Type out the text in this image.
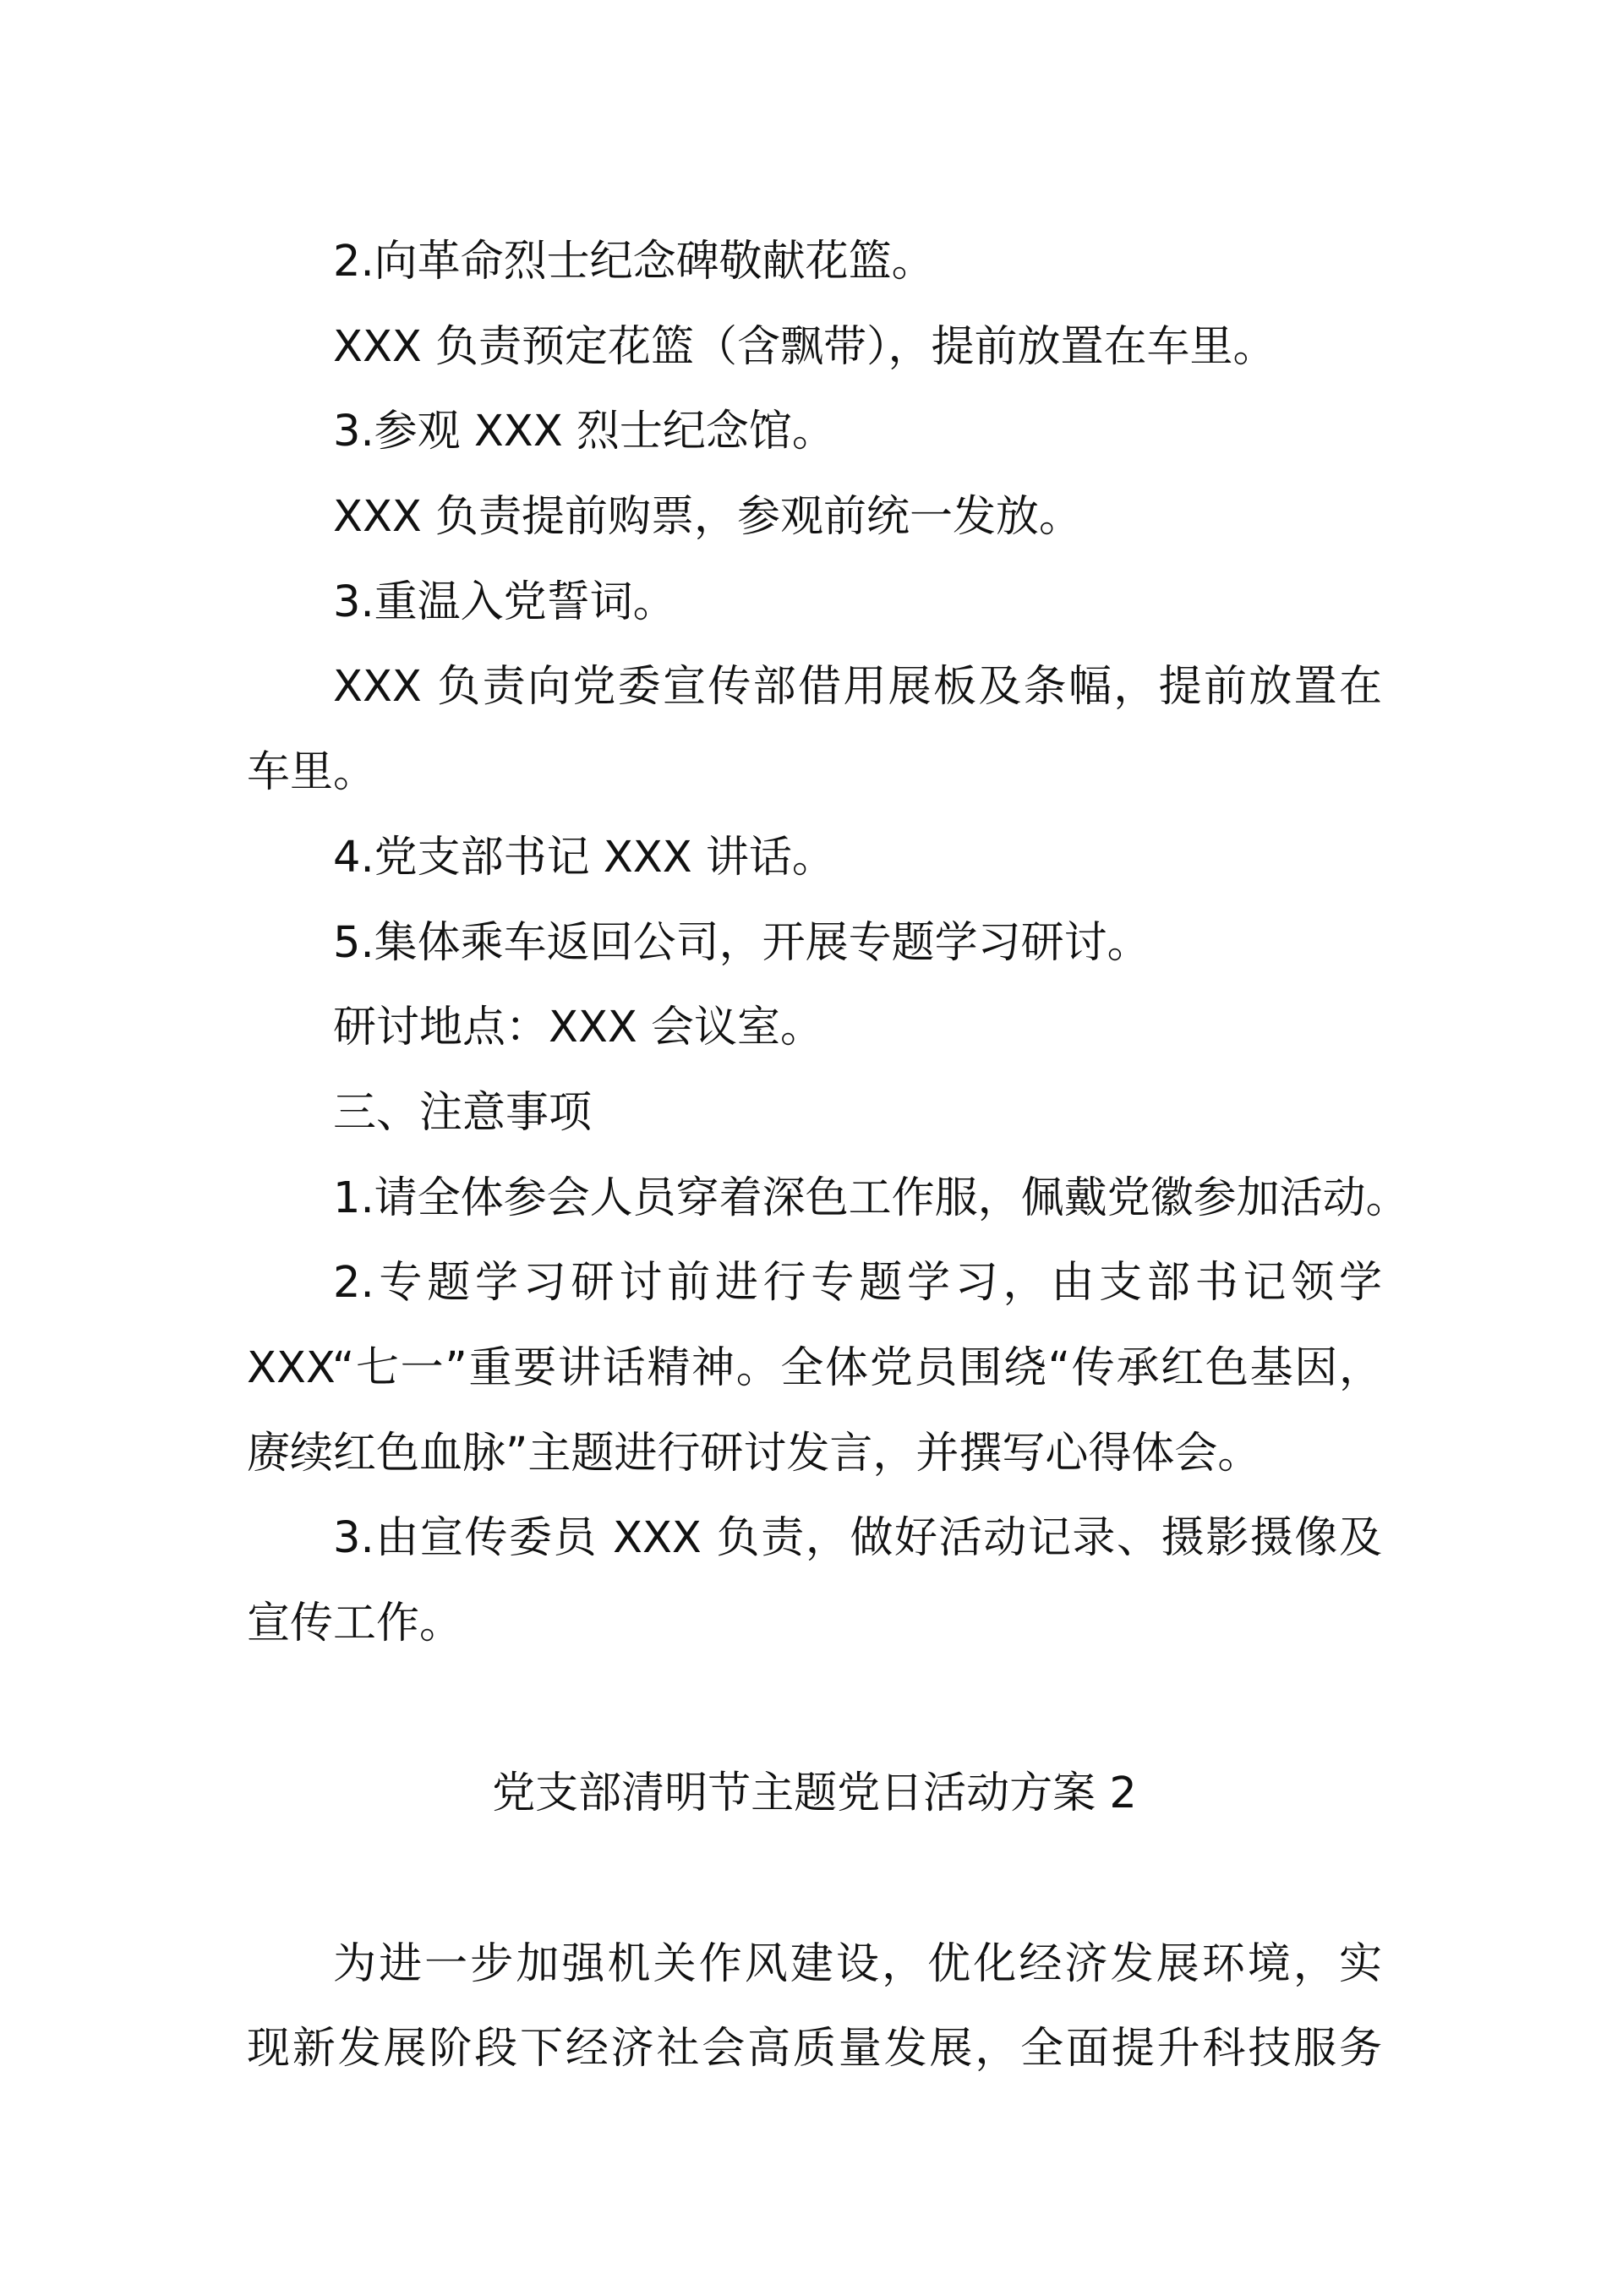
2.向革命烈士纪念碑敬献花篮。
XXX 负责预定花篮（含飘带），提前放置在车里。
3.参观 XXX 烈士纪念馆。
XXX 负责提前购票，参观前统一发放。
3.重温入党誓词。
XXX 负责向党委宣传部借用展板及条幅，提前放置在
车里。
4.党支部书记 XXX 讲话。
5.集体乘车返回公司，开展专题学习研讨。
研讨地点：XXX 会议室。
三、注意事项
1.请全体参会人员穿着深色工作服，佩戴党徽参加活动。
2.专题学习研讨前进行专题学习，由支部书记领学
XXX“七一”重要讲话精神。全体党员围绕“传承红色基因，
赓续红色血脉”主题进行研讨发言，并撰写心得体会。
3.由宣传委员 XXX 负责，做好活动记录、摄影摄像及
宣传工作。
党支部清明节主题党日活动方案 2
为进一步加强机关作风建设，优化经济发展环境，实
现新发展阶段下经济社会高质量发展，全面提升科技服务
